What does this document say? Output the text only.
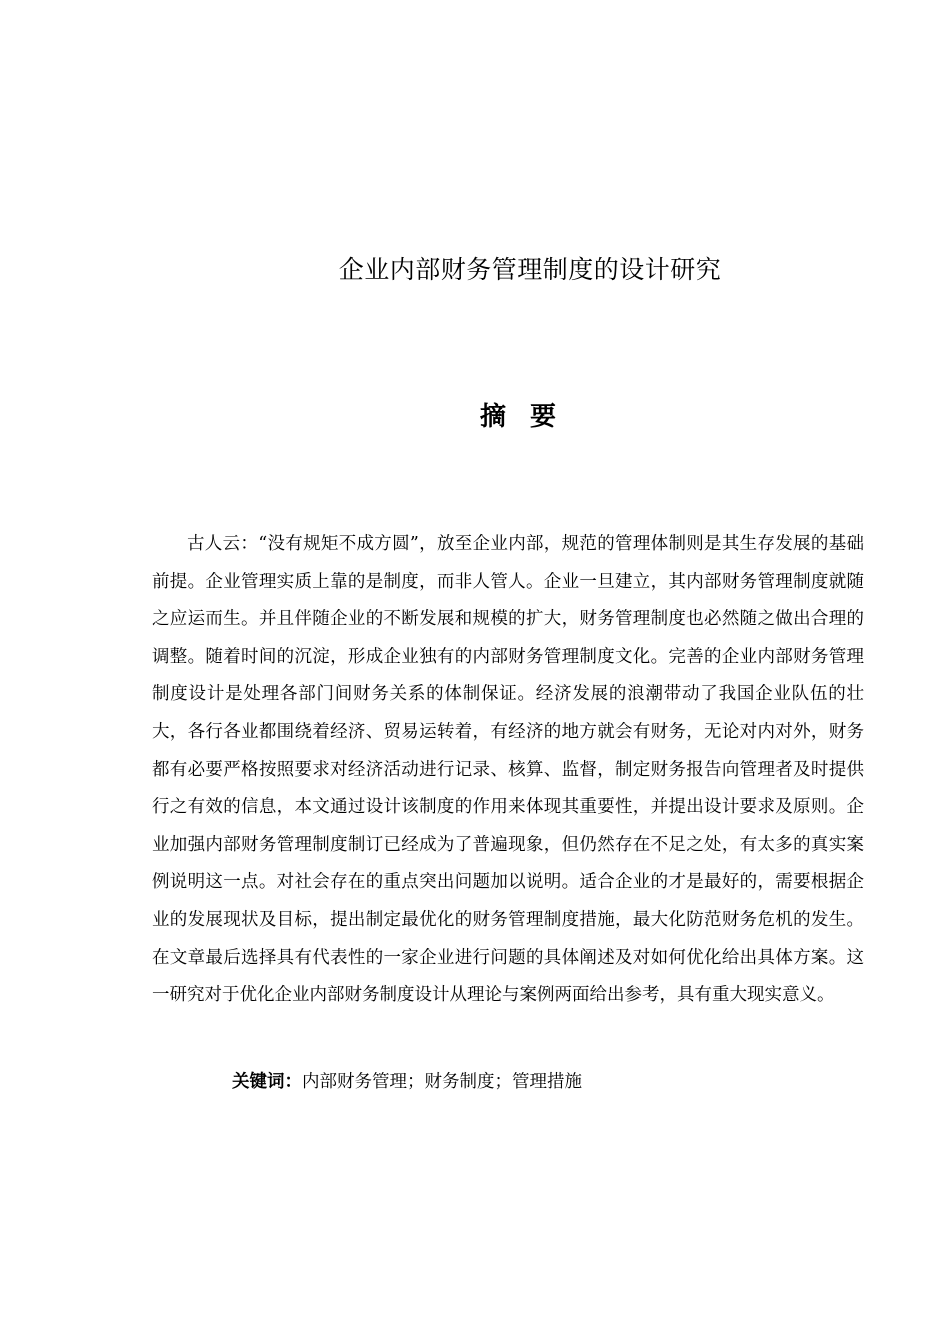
企业内部财务管理制度的设计研究
摘要

古人云：“没有规矩不成方圆”，放至企业内部，规范的管理体制则是其生存发展的基础前提。企业管理实质上靠的是制度，而非人管人。企业一旦建立，其内部财务管理制度就随之应运而生。并且伴随企业的不断发展和规模的扩大，财务管理制度也必然随之做出合理的调整。随着时间的沉淀，形成企业独有的内部财务管理制度文化。完善的企业内部财务管理制度设计是处理各部门间财务关系的体制保证。经济发展的浪潮带动了我国企业队伍的壮大，各行各业都围绕着经济、贸易运转着，有经济的地方就会有财务，无论对内对外，财务都有必要严格按照要求对经济活动进行记录、核算、监督，制定财务报告向管理者及时提供行之有效的信息，本文通过设计该制度的作用来体现其重要性，并提出设计要求及原则。企业加强内部财务管理制度制订已经成为了普遍现象，但仍然存在不足之处，有太多的真实案例说明这一点。对社会存在的重点突出问题加以说明。适合企业的才是最好的，需要根据企业的发展现状及目标，提出制定最优化的财务管理制度措施，最大化防范财务危机的发生。在文章最后选择具有代表性的一家企业进行问题的具体阐述及对如何优化给出具体方案。这一研究对于优化企业内部财务制度设计从理论与案例两面给出参考，具有重大现实意义。

关键词：内部财务管理；财务制度；管理措施
